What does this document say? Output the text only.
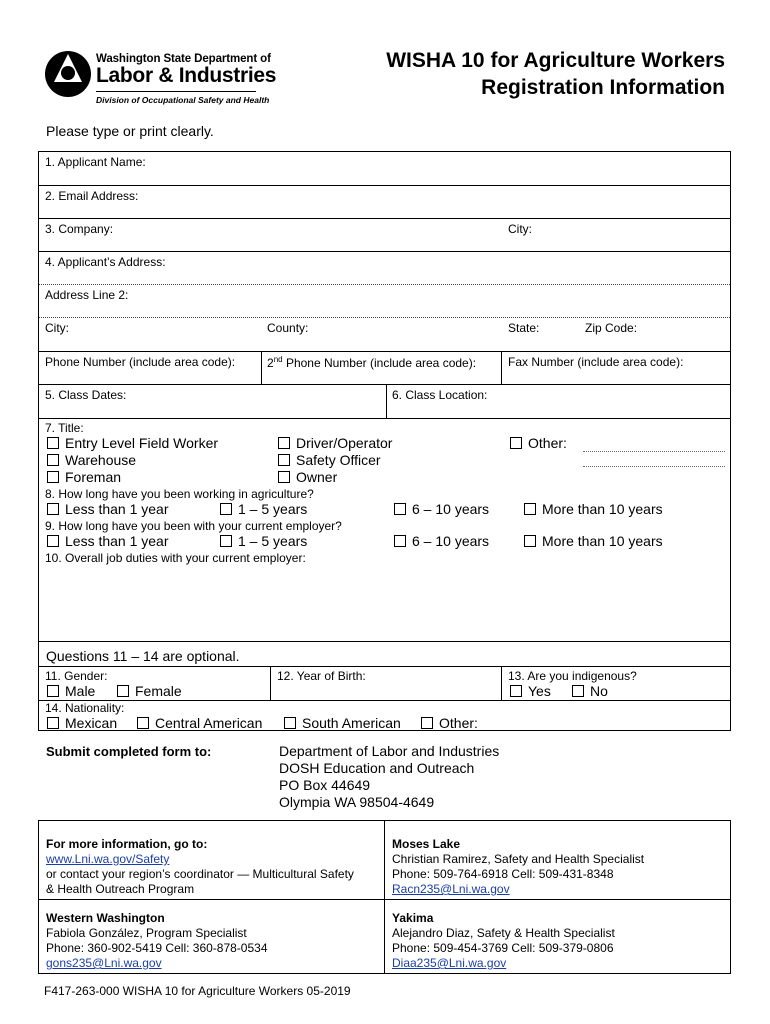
Washington State Department of
Labor & Industries
Division of Occupational Safety and Health
WISHA 10 for Agriculture Workers
Registration Information
Please type or print clearly.
1. Applicant Name:
2. Email Address:
3. Company:	City:
4. Applicant’s Address:
Address Line 2:
City:	County:	State:	Zip Code:
Phone Number (include area code):	2nd Phone Number (include area code):	Fax Number (include area code):
5. Class Dates:	6. Class Location:
7. Title:
Entry Level Field Worker
Warehouse
Foreman
Driver/Operator
Safety Officer
Owner
Other:
8. How long have you been working in agriculture?
Less than 1 year	1 – 5 years	6 – 10 years	More than 10 years
9. How long have you been with your current employer?
Less than 1 year	1 – 5 years	6 – 10 years	More than 10 years
10. Overall job duties with your current employer:
Questions 11 – 14 are optional.
11. Gender:
Male	Female
12. Year of Birth:	13. Are you indigenous?
Yes	No
14. Nationality:
Mexican	Central American	South American	Other:
Submit completed form to:	Department of Labor and Industries
DOSH Education and Outreach
PO Box 44649
Olympia WA 98504-4649
For more information, go to:
www.Lni.wa.gov/Safety
or contact your region’s coordinator — Multicultural Safety
& Health Outreach Program
Moses Lake
Christian Ramirez, Safety and Health Specialist
Phone: 509-764-6918 Cell: 509-431-8348
Racn235@Lni.wa.gov
Western Washington
Fabiola González, Program Specialist
Phone: 360-902-5419 Cell: 360-878-0534
gons235@Lni.wa.gov
Yakima
Alejandro Diaz, Safety & Health Specialist
Phone: 509-454-3769 Cell: 509-379-0806
Diaa235@Lni.wa.gov
F417-263-000 WISHA 10 for Agriculture Workers 05-2019
